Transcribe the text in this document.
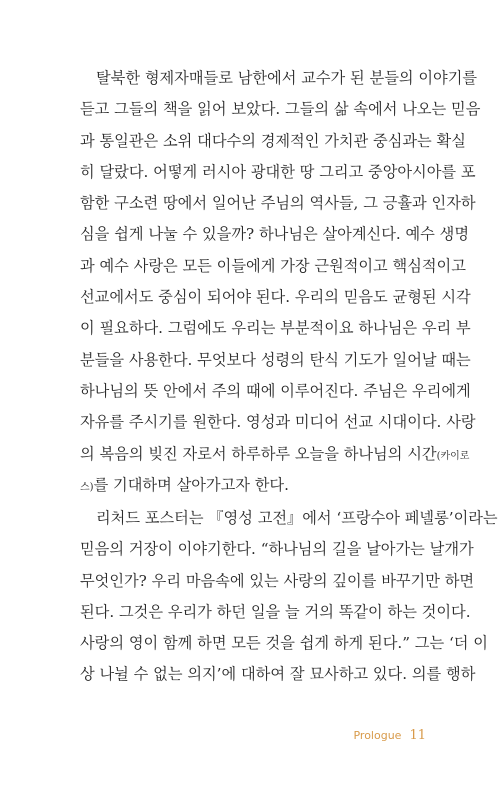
탈북한 형제자매들로 남한에서 교수가 된 분들의 이야기를
듣고 그들의 책을 읽어 보았다. 그들의 삶 속에서 나오는 믿음
과 통일관은 소위 대다수의 경제적인 가치관 중심과는 확실
히 달랐다. 어떻게 러시아 광대한 땅 그리고 중앙아시아를 포
함한 구소련 땅에서 일어난 주님의 역사들, 그 긍휼과 인자하
심을 쉽게 나눌 수 있을까? 하나님은 살아계신다. 예수 생명
과 예수 사랑은 모든 이들에게 가장 근원적이고 핵심적이고
선교에서도 중심이 되어야 된다. 우리의 믿음도 균형된 시각
이 필요하다. 그럼에도 우리는 부분적이요 하나님은 우리 부
분들을 사용한다. 무엇보다 성령의 탄식 기도가 일어날 때는
하나님의 뜻 안에서 주의 때에 이루어진다. 주님은 우리에게
자유를 주시기를 원한다. 영성과 미디어 선교 시대이다. 사랑
의 복음의 빚진 자로서 하루하루 오늘을 하나님의 시간(카이로
스)를 기대하며 살아가고자 한다.
리처드 포스터는 『영성 고전』에서 ‘프랑수아 페넬롱’이라는
믿음의 거장이 이야기한다. “하나님의 길을 날아가는 날개가
무엇인가? 우리 마음속에 있는 사랑의 깊이를 바꾸기만 하면
된다. 그것은 우리가 하던 일을 늘 거의 똑같이 하는 것이다.
사랑의 영이 함께 하면 모든 것을 쉽게 하게 된다.” 그는 ‘더 이
상 나뉠 수 없는 의지’에 대하여 잘 묘사하고 있다. 의를 행하
Prologue 11
